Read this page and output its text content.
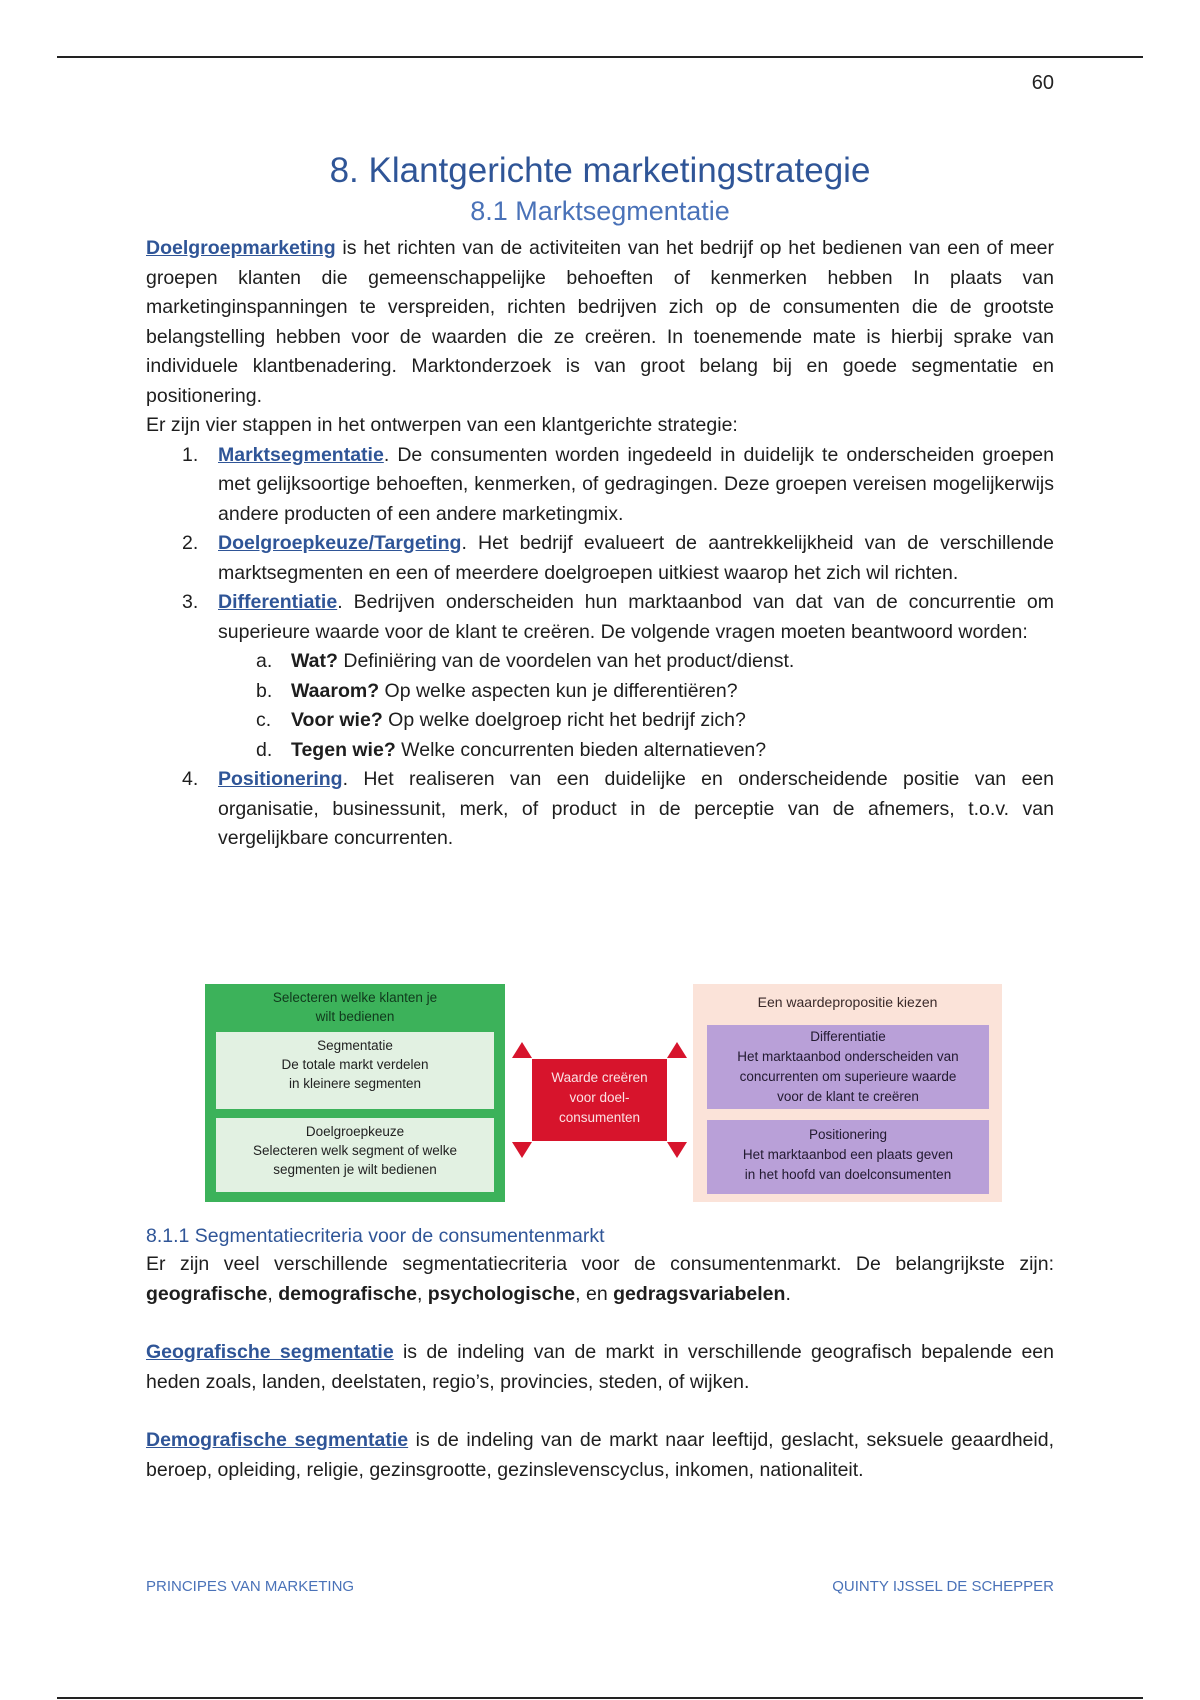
60
8. Klantgerichte marketingstrategie
8.1 Marktsegmentatie

Doelgroepmarketing is het richten van de activiteiten van het bedrijf op het bedienen van een of meer groepen klanten die gemeenschappelijke behoeften of kenmerken hebben In plaats van marketinginspanningen te verspreiden, richten bedrijven zich op de consumenten die de grootste belangstelling hebben voor de waarden die ze creëren. In toenemende mate is hierbij sprake van individuele klantbenadering. Marktonderzoek is van groot belang bij en goede segmentatie en positionering.

Er zijn vier stappen in het ontwerpen van een klantgerichte strategie:

1. Marktsegmentatie. De consumenten worden ingedeeld in duidelijk te onderscheiden groepen met gelijksoortige behoeften, kenmerken, of gedragingen. Deze groepen vereisen mogelijkerwijs andere producten of een andere marketingmix.
2. Doelgroepkeuze/Targeting. Het bedrijf evalueert de aantrekkelijkheid van de verschillende marktsegmenten en een of meerdere doelgroepen uitkiest waarop het zich wil richten.
3. Differentiatie. Bedrijven onderscheiden hun marktaanbod van dat van de concurrentie om superieure waarde voor de klant te creëren. De volgende vragen moeten beantwoord worden:
a. Wat? Definiëring van de voordelen van het product/dienst.
b. Waarom? Op welke aspecten kun je differentiëren?
c. Voor wie? Op welke doelgroep richt het bedrijf zich?
d. Tegen wie? Welke concurrenten bieden alternatieven?
4. Positionering. Het realiseren van een duidelijke en onderscheidende positie van een organisatie, businessunit, merk, of product in de perceptie van de afnemers, t.o.v. van vergelijkbare concurrenten.
Selecteren welke klanten je
wilt bedienen
Segmentatie
De totale markt verdelen
in kleinere segmenten
Doelgroepkeuze
Selecteren welk segment of welke
segmenten je wilt bedienen
Waarde creëren
voor doel-
consumenten
Een waardepropositie kiezen
Differentiatie
Het marktaanbod onderscheiden van
concurrenten om superieure waarde
voor de klant te creëren
Positionering
Het marktaanbod een plaats geven
in het hoofd van doelconsumenten
8.1.1 Segmentatiecriteria voor de consumentenmarkt

Er zijn veel verschillende segmentatiecriteria voor de consumentenmarkt. De belangrijkste zijn: geografische, demografische, psychologische, en gedragsvariabelen.

Geografische segmentatie is de indeling van de markt in verschillende geografisch bepalende een heden zoals, landen, deelstaten, regio’s, provincies, steden, of wijken.

Demografische segmentatie is de indeling van de markt naar leeftijd, geslacht, seksuele geaardheid, beroep, opleiding, religie, gezinsgrootte, gezinslevenscyclus, inkomen, nationaliteit.

PRINCIPES VAN MARKETING	QUINTY IJSSEL DE SCHEPPER
